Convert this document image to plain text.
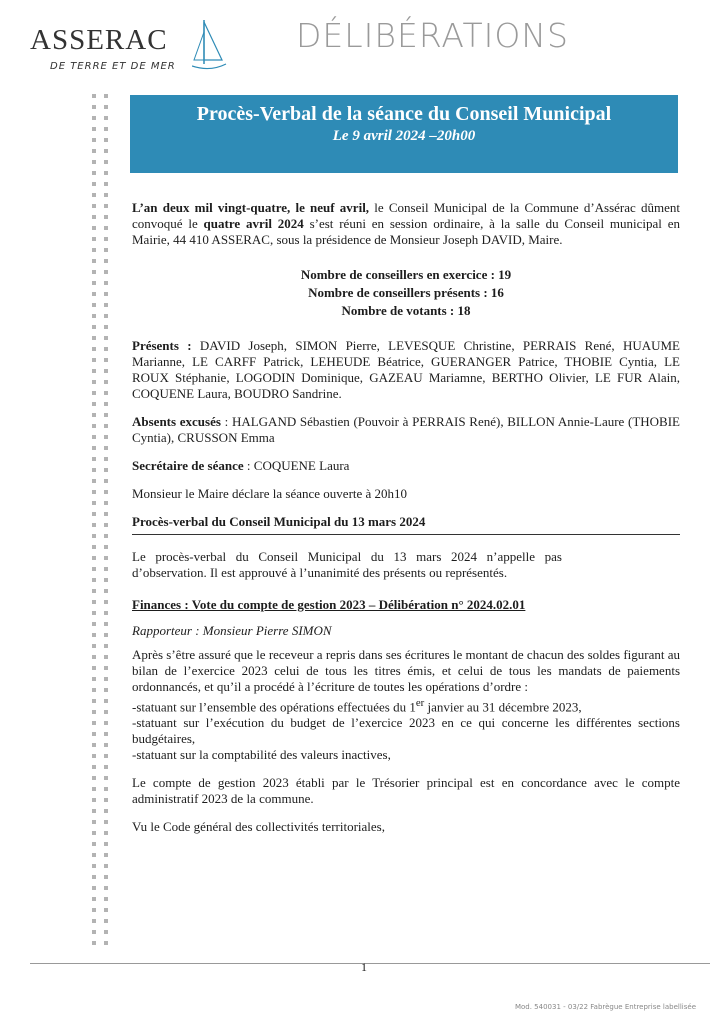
ASSERAC
DE TERRE ET DE MER
DÉLIBÉRATIONS
Procès-Verbal de la séance du Conseil Municipal
Le 9 avril 2024 –20h00

L’an deux mil vingt-quatre, le neuf avril, le Conseil Municipal de la Commune d’Assérac dûment convoqué le quatre avril 2024 s’est réuni en session ordinaire, à la salle du Conseil municipal en Mairie, 44 410 ASSERAC, sous la présidence de Monsieur Joseph DAVID, Maire.

Nombre de conseillers en exercice : 19
Nombre de conseillers présents : 16
Nombre de votants : 18

Présents : DAVID Joseph, SIMON Pierre, LEVESQUE Christine, PERRAIS René, HUAUME Marianne, LE CARFF Patrick, LEHEUDE Béatrice, GUERANGER Patrice, THOBIE Cyntia, LE ROUX Stéphanie, LOGODIN Dominique, GAZEAU Mariamne, BERTHO Olivier, LE FUR Alain, COQUENE Laura, BOUDRO Sandrine.

Absents excusés : HALGAND Sébastien (Pouvoir à PERRAIS René), BILLON Annie-Laure (THOBIE Cyntia), CRUSSON Emma

Secrétaire de séance : COQUENE Laura

Monsieur le Maire déclare la séance ouverte à 20h10

Procès-verbal du Conseil Municipal du 13 mars 2024

Le procès-verbal du Conseil Municipal du 13 mars 2024 n’appelle pas d’observation. Il est approuvé à l’unanimité des présents ou représentés.

Finances : Vote du compte de gestion 2023 – Délibération n° 2024.02.01

Rapporteur : Monsieur Pierre SIMON

Après s’être assuré que le receveur a repris dans ses écritures le montant de chacun des soldes figurant au bilan de l’exercice 2023 celui de tous les titres émis, et celui de tous les mandats de paiements ordonnancés, et qu’il a procédé à l’écriture de toutes les opérations d’ordre :

-statuant sur l’ensemble des opérations effectuées du 1er janvier au 31 décembre 2023,

-statuant sur l’exécution du budget de l’exercice 2023 en ce qui concerne les différentes sections budgétaires,

-statuant sur la comptabilité des valeurs inactives,

Le compte de gestion 2023 établi par le Trésorier principal est en concordance avec le compte administratif 2023 de la commune.

Vu le Code général des collectivités territoriales,

1
Mod. 540031 - 03/22 Fabrègue Entreprise labellisée
